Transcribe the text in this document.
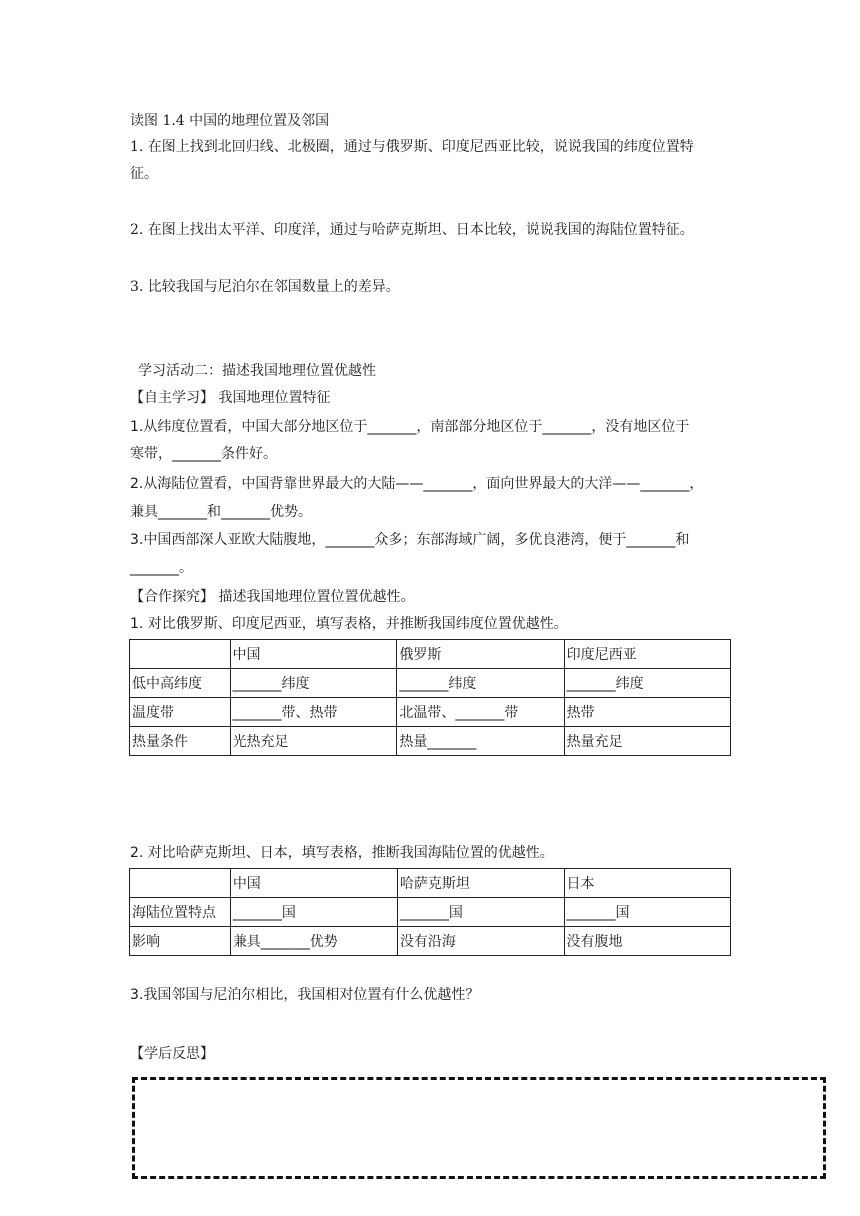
读图 1.4 中国的地理位置及邻国
1. 在图上找到北回归线、北极圈，通过与俄罗斯、印度尼西亚比较，说说我国的纬度位置特
征。
2. 在图上找出太平洋、印度洋，通过与哈萨克斯坦、日本比较，说说我国的海陆位置特征。
3. 比较我国与尼泊尔在邻国数量上的差异。
学习活动二：描述我国地理位置优越性
【自主学习】 我国地理位置特征
1.从纬度位置看，中国大部分地区位于_______，南部部分地区位于_______，没有地区位于
寒带，_______条件好。
2.从海陆位置看，中国背靠世界最大的大陆——_______，面向世界最大的大洋——_______，
兼具_______和_______优势。
3.中国西部深人亚欧大陆腹地，_______众多；东部海域广阔，多优良港湾，便于_______和
_______。
【合作探究】 描述我国地理位置位置优越性。
1. 对比俄罗斯、印度尼西亚，填写表格，并推断我国纬度位置优越性。
	中国	俄罗斯	印度尼西亚
低中高纬度	_______纬度	_______纬度	_______纬度
温度带	_______带、热带	北温带、_______带	热带
热量条件	光热充足	热量_______	热量充足
2. 对比哈萨克斯坦、日本，填写表格，推断我国海陆位置的优越性。
	中国	哈萨克斯坦	日本
海陆位置特点	_______国	_______国	_______国
影响	兼具_______优势	没有沿海	没有腹地
3.我国邻国与尼泊尔相比，我国相对位置有什么优越性？
【学后反思】
